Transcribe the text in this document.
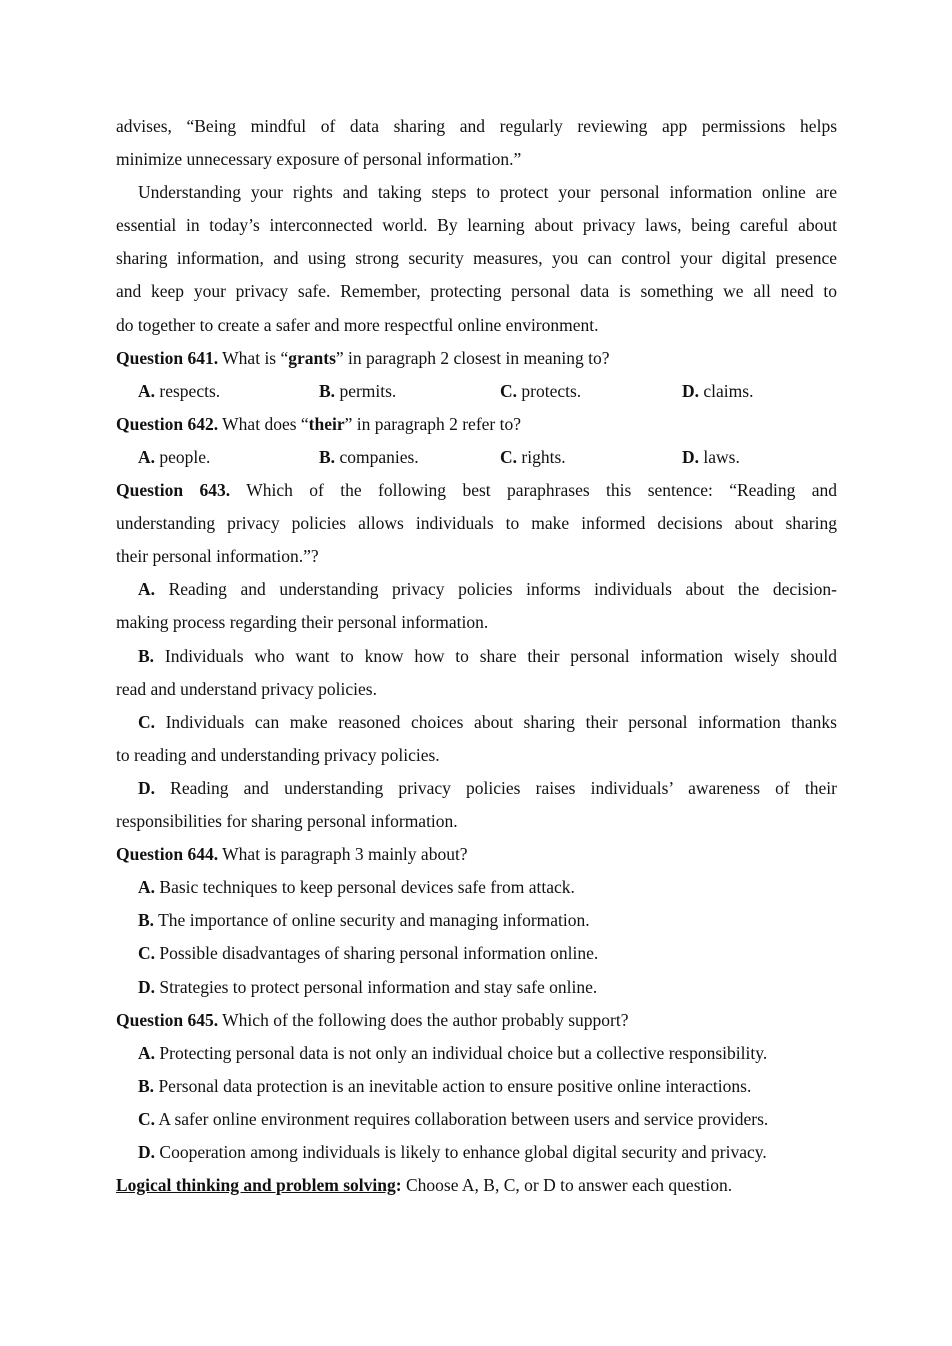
advises, “Being mindful of data sharing and regularly reviewing app permissions helps
minimize unnecessary exposure of personal information.”
Understanding your rights and taking steps to protect your personal information online are
essential in today’s interconnected world. By learning about privacy laws, being careful about
sharing information, and using strong security measures, you can control your digital presence
and keep your privacy safe. Remember, protecting personal data is something we all need to
do together to create a safer and more respectful online environment.
Question 641. What is “grants” in paragraph 2 closest in meaning to?
A. respects.	B. permits.	C. protects.	D. claims.
Question 642. What does “their” in paragraph 2 refer to?
A. people.	B. companies.	C. rights.	D. laws.
Question 643. Which of the following best paraphrases this sentence: “Reading and
understanding privacy policies allows individuals to make informed decisions about sharing
their personal information.”?
A. Reading and understanding privacy policies informs individuals about the decision-
making process regarding their personal information.
B. Individuals who want to know how to share their personal information wisely should
read and understand privacy policies.
C. Individuals can make reasoned choices about sharing their personal information thanks
to reading and understanding privacy policies.
D. Reading and understanding privacy policies raises individuals’ awareness of their
responsibilities for sharing personal information.
Question 644. What is paragraph 3 mainly about?
A. Basic techniques to keep personal devices safe from attack.
B. The importance of online security and managing information.
C. Possible disadvantages of sharing personal information online.
D. Strategies to protect personal information and stay safe online.
Question 645. Which of the following does the author probably support?
A. Protecting personal data is not only an individual choice but a collective responsibility.
B. Personal data protection is an inevitable action to ensure positive online interactions.
C. A safer online environment requires collaboration between users and service providers.
D. Cooperation among individuals is likely to enhance global digital security and privacy.
Logical thinking and problem solving: Choose A, B, C, or D to answer each question.
